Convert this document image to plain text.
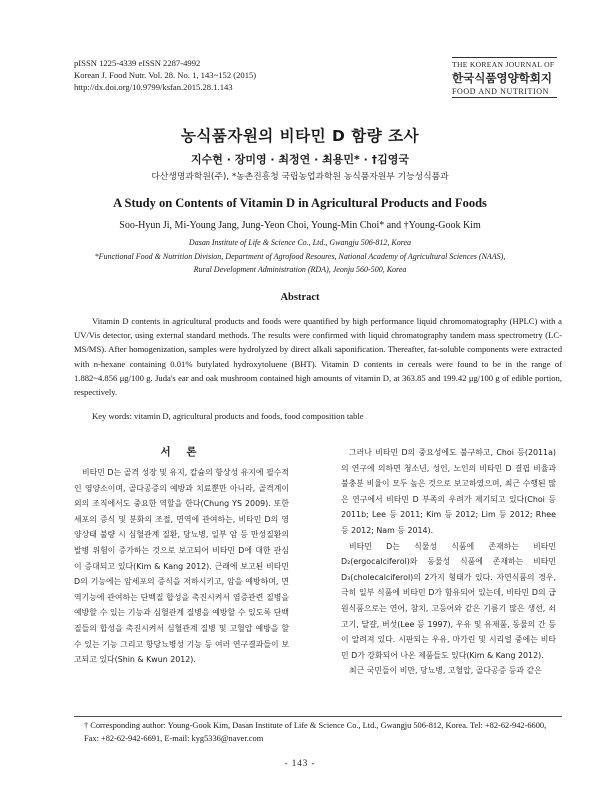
pISSN 1225-4339 eISSN 2287-4992
Korean J. Food Nutr. Vol. 28. No. 1, 143~152 (2015)
http://dx.doi.org/10.9799/ksfan.2015.28.1.143
THE KOREAN JOURNAL OF
한국식품영양학회지
FOOD AND NUTRITION
농식품자원의 비타민 D 함량 조사
지수현 · 장미영 · 최정연 · 최용민* · †김영국
다산생명과학원(주), *농촌진흥청 국립농업과학원 농식품자원부 기능성식품과
A Study on Contents of Vitamin D in Agricultural Products and Foods
Soo-Hyun Ji, Mi-Young Jang, Jung-Yeon Choi, Young-Min Choi* and †Young-Gook Kim
Dasan Institute of Life & Science Co., Ltd., Gwangju 506-812, Korea
*Functional Food & Nutrition Division, Department of Agrofood Resoures, National Academy of Agricultural Sciences (NAAS),
Rural Development Administration (RDA), Jeonju 560-500, Korea
Abstract

Vitamin D contents in agricultural products and foods were quantified by high performance liquid chromomatography (HPLC) with a UV/Vis detector, using external standard methods. The results were confirmed with liquid chromatography tandem mass spectrometry (LC-MS/MS). After homogenization, samples were hydrolyzed by direct alkali saponification. Thereafter, fat-soluble components were extracted with n-hexane containing 0.01% butylated hydroxytoluene (BHT). Vitamin D contents in cereals were found to be in the range of 1.882~4.856 μg/100 g. Juda's ear and oak mushroom contained high amounts of vitamin D, at 363.85 and 199.42 μg/100 g of edible portion, respectively.

Key words: vitamin D, agricultural products and foods, food composition table
서 론

비타민 D는 골격 성장 및 유지, 칼슘의 항상성 유지에 필수적인 영양소이며, 골다공증의 예방과 치료뿐만 아니라, 골격계이외의 조직에서도 중요한 역할을 한다(Chung YS 2009). 또한 세포의 증식 및 분화의 조절, 면역에 관여하는, 비타민 D의 영양상태 불량 시 심혈관계 질환, 당뇨병, 일부 암 등 만성질환의 발병 위험이 증가하는 것으로 보고되어 비타민 D에 대한 관심이 증대되고 있다(Kim & Kang 2012). 근래에 보고된 비타민 D의 기능에는 암세포의 증식을 저하시키고, 암을 예방하며, 면역기능에 관여하는 단백질 합성을 촉진시켜서 염증관련 질병을 예방할 수 있는 기능과 심혈관계 질병을 예방할 수 있도록 단백질들의 합성을 촉진시켜서 심혈관계 질병 및 고혈압 예방을 할 수 있는 기능 그리고 항당뇨병성 기능 등 여러 연구결과들이 보고되고 있다(Shin & Kwun 2012).

그러나 비타민 D의 중요성에도 불구하고, Choi 등(2011a)의 연구에 의하면 청소년, 성인, 노인의 비타민 D 결핍 비율과 불충분 비율이 모두 높은 것으로 보고하였으며, 최근 수행된 많은 연구에서 비타민 D 부족의 우려가 제기되고 있다(Choi 등 2011b; Lee 등 2011; Kim 등 2012; Lim 등 2012; Rhee 등 2012; Nam 등 2014).

비타민 D는 식물성 식품에 존재하는 비타민 D₂(ergocalciferol)와 동물성 식품에 존재하는 비타민 D₃(cholecalciferol)의 2가지 형태가 있다. 자연식품의 경우, 극히 일부 식품에 비타민 D가 함유되어 있는데, 비타민 D의 급원식품으로는 연어, 참치, 고등어와 같은 기름기 많은 생선, 쇠고기, 달걀, 버섯(Lee 등 1997), 우유 및 유제품, 동물의 간 등이 알려져 있다. 시판되는 우유, 마가린 및 시리얼 중에는 비타민 D가 강화되어 나온 제품들도 있다(Kim & Kang 2012).

최근 국민들이 비만, 당뇨병, 고혈압, 골다공증 등과 같은

† Corresponding author: Young-Gook Kim, Dasan Institute of Life & Science Co., Ltd., Gwangju 506-812, Korea. Tel: +82-62-942-6600, Fax: +82-62-942-6691, E-mail: kyg5336@naver.com
- 143 -
